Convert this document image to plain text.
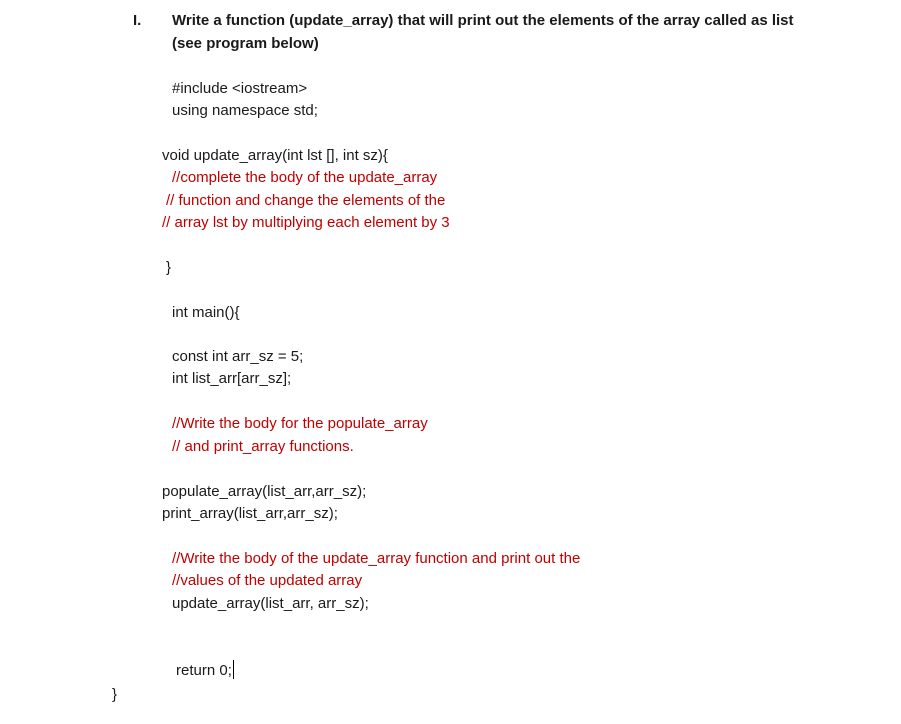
I. Write a function (update_array) that will print out the elements of the array called as list
(see program below)
#include <iostream>
using namespace std;
void update_array(int lst [], int sz){
//complete the body of the update_array
// function and change the elements of the
// array lst by multiplying each element by 3
}
int main(){
const int arr_sz = 5;
int list_arr[arr_sz];
//Write the body for the populate_array
// and print_array functions.
populate_array(list_arr,arr_sz);
print_array(list_arr,arr_sz);
//Write the body of the update_array function and print out the
//values of the updated array
update_array(list_arr, arr_sz);
return 0;
}
